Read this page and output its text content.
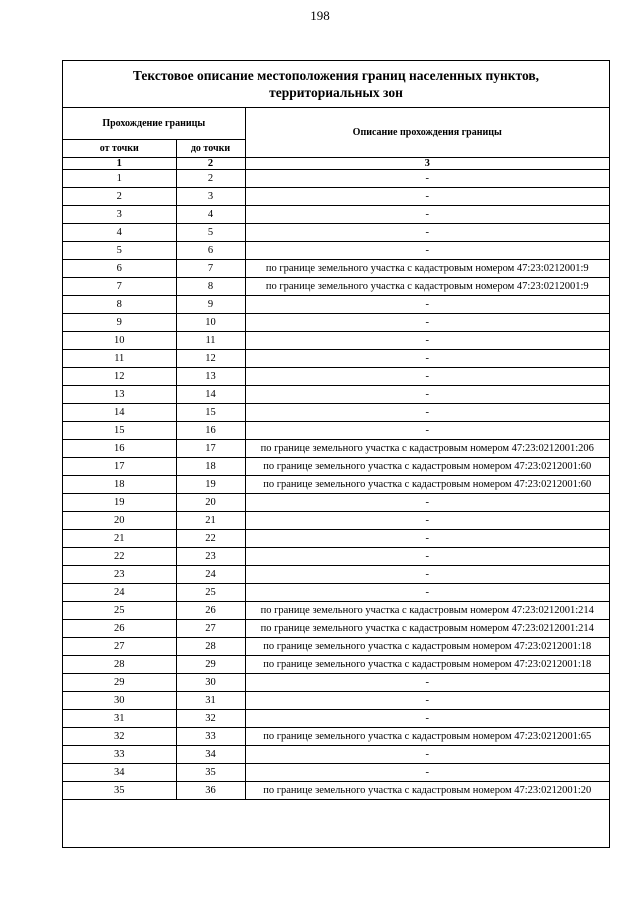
198
Текстовое описание местоположения границ населенных пунктов,
территориальных зон
Прохождение границы		Описание прохождения границы
от точки	до точки	
1	2	3
1	2	-
2	3	-
3	4	-
4	5	-
5	6	-
6	7	по границе земельного участка с кадастровым номером 47:23:0212001:9
7	8	по границе земельного участка с кадастровым номером 47:23:0212001:9
8	9	-
9	10	-
10	11	-
11	12	-
12	13	-
13	14	-
14	15	-
15	16	-
16	17	по границе земельного участка с кадастровым номером 47:23:0212001:206
17	18	по границе земельного участка с кадастровым номером 47:23:0212001:60
18	19	по границе земельного участка с кадастровым номером 47:23:0212001:60
19	20	-
20	21	-
21	22	-
22	23	-
23	24	-
24	25	-
25	26	по границе земельного участка с кадастровым номером 47:23:0212001:214
26	27	по границе земельного участка с кадастровым номером 47:23:0212001:214
27	28	по границе земельного участка с кадастровым номером 47:23:0212001:18
28	29	по границе земельного участка с кадастровым номером 47:23:0212001:18
29	30	-
30	31	-
31	32	-
32	33	по границе земельного участка с кадастровым номером 47:23:0212001:65
33	34	-
34	35	-
35	36	по границе земельного участка с кадастровым номером 47:23:0212001:20
